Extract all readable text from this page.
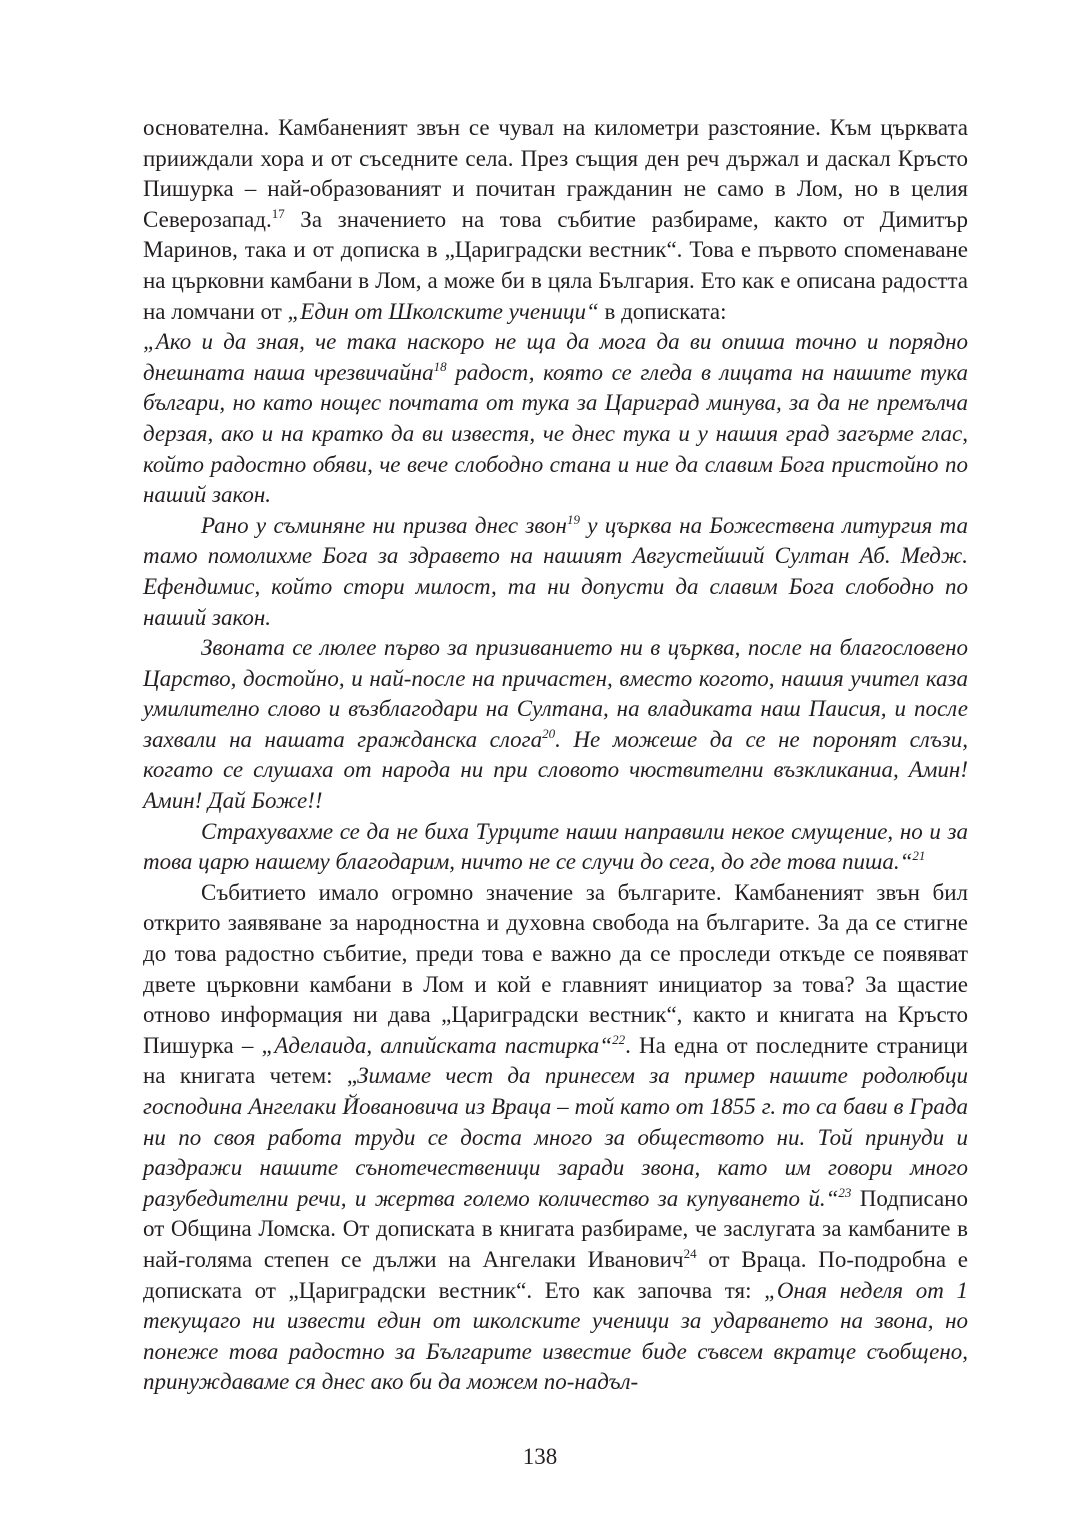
основателна. Камбаненият звън се чувал на километри разстояние. Към църквата прииждали хора и от съседните села. През същия ден реч държал и даскал Кръсто Пишурка – най-образованият и почитан гражданин не само в Лом, но в целия Северозапад.$^{17}$ За значението на това събитие разбираме, както от Димитър Маринов, така и от дописка в „Цариградски вестник“. Това е първото споменаване на църковни камбани в Лом, а може би в цяла България. Ето как е описана радостта на ломчани от „Един от Школските ученици“ в дописката:
„Ако и да зная, че така наскоро не ща да мога да ви опиша точно и порядно днешната наша чрезвичайна$^{18}$ радост, която се гледа в лицата на нашите тука българи, но като нощес почтата от тука за Цариград минува, за да не премълча дерзая, ако и на кратко да ви известя, че днес тука и у нашия град загърме глас, който радостно обяви, че вече слободно стана и ние да славим Бога пристойно по наший закон.

Рано у съминяне ни призва днес звон$^{19}$ у църква на Божествена литургия та тамо помолихме Бога за здравето на нашият Августейший Султан Аб. Медж. Ефендимис, който стори милост, та ни допусти да славим Бога слободно по наший закон.

Звоната се люлее първо за призиванието ни в църква, после на благословено Царство, достойно, и най-после на причастен, вместо когото, нашия учител каза умилително слово и възблагодари на Султана, на владиката наш Паисия, и после захвали на нашата гражданска слога$^{20}$. Не можеше да се не поронят слъзи, когато се слушаха от народа ни при словото чюствителни възкликаниа, Амин! Амин! Дай Боже!!

Страхувахме се да не биха Турците наши направили некое смущение, но и за това царю нашему благодарим, ничто не се случи до сега, до где това пиша.“$^{21}$

Събитието имало огромно значение за българите. Камбаненият звън бил открито заявяване за народностна и духовна свобода на българите. За да се стигне до това радостно събитие, преди това е важно да се проследи откъде се появяват двете църковни камбани в Лом и кой е главният инициатор за това? За щастие отново информация ни дава „Цариградски вестник“, както и книгата на Кръсто Пишурка – „Аделаида, алпийската пастирка“$^{22}$. На една от последните страници на книгата четем: „Зимаме чест да принесем за пример нашите родолюбци господина Ангелаки Йовановича из Враца – той като от 1855 г. то са бави в Града ни по своя работа труди се доста много за обществото ни. Той принуди и раздражи нашите сънотечественици заради звона, като им говори много разубедителни речи, и жертва големо количество за купуването й.“$^{23}$ Подписано от Община Ломска. От дописката в книгата разбираме, че заслугата за камбаните в най-голяма степен се дължи на Ангелаки Иванович$^{24}$ от Враца. По-подробна е дописката от „Цариградски вестник“. Ето как започва тя: „Оная неделя от 1 текущаго ни извести един от школските ученици за ударването на звона, но понеже това радостно за Българите известие биде съвсем вкратце съобщено, принуждаваме ся днес ако би да можем по-надъл-

138
